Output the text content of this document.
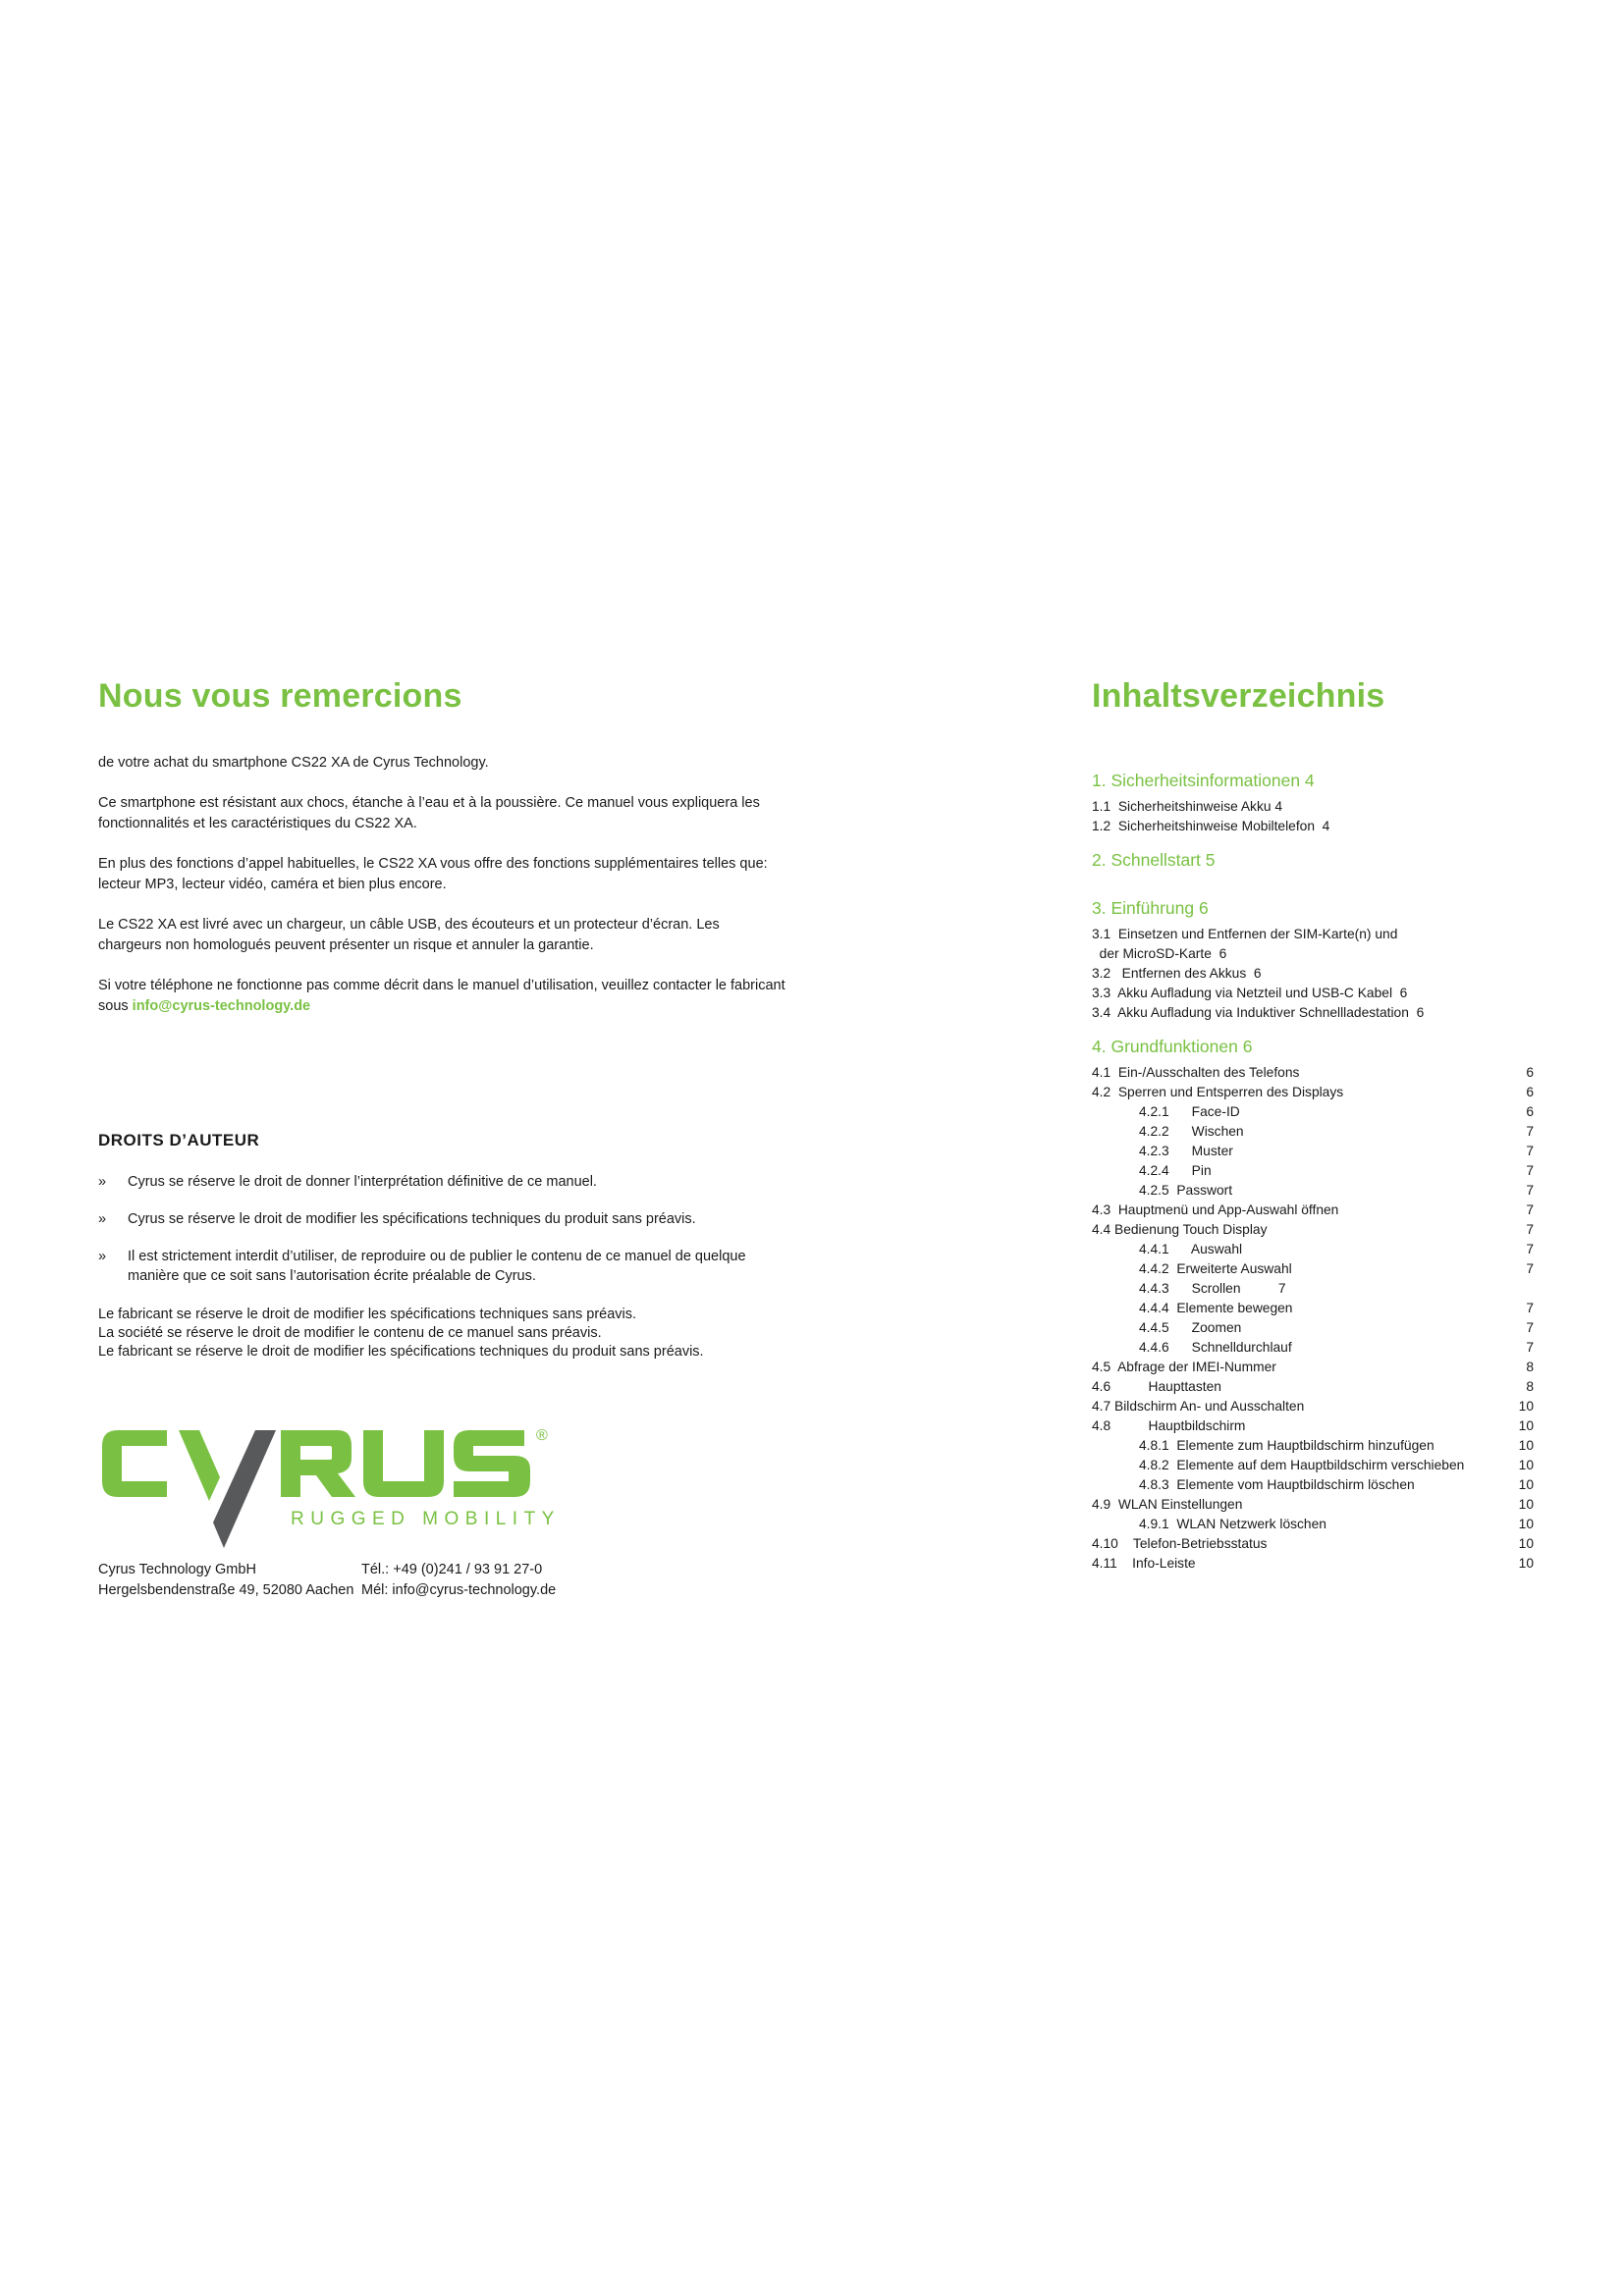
Nous vous remercions

de votre achat du smartphone CS22 XA de Cyrus Technology.

Ce smartphone est résistant aux chocs, étanche à l’eau et à la poussière. Ce manuel vous expliquera les fonctionnalités et les caractéristiques du CS22 XA.

En plus des fonctions d’appel habituelles, le CS22 XA vous offre des fonctions supplémentaires telles que: lecteur MP3, lecteur vidéo, caméra et bien plus encore.

Le CS22 XA est livré avec un chargeur, un câble USB, des écouteurs et un protecteur d’écran. Les chargeurs non homologués peuvent présenter un risque et annuler la garantie.

Si votre téléphone ne fonctionne pas comme décrit dans le manuel d’utilisation, veuillez contacter le fabricant sous info@cyrus-technology.de

DROITS D’AUTEUR
»	Cyrus se réserve le droit de donner l’interprétation définitive de ce manuel.
»	Cyrus se réserve le droit de modifier les spécifications techniques du produit sans préavis.
»	Il est strictement interdit d’utiliser, de reproduire ou de publier le contenu de ce manuel de quelque manière que ce soit sans l’autorisation écrite préalable de Cyrus.
Le fabricant se réserve le droit de modifier les spécifications techniques sans préavis.
La société se réserve le droit de modifier le contenu de ce manuel sans préavis.
Le fabricant se réserve le droit de modifier les spécifications techniques du produit sans préavis.
®
RUGGED MOBILITY
Cyrus Technology GmbH
Hergelsbendenstraße 49, 52080 Aachen
Tél.: +49 (0)241 / 93 91 27-0
Mél: info@cyrus-technology.de
Inhaltsverzeichnis
1. Sicherheitsinformationen 4
1.1  Sicherheitshinweise Akku 4
1.2  Sicherheitshinweise Mobiltelefon  4
2. Schnellstart 5
3. Einführung 6
3.1  Einsetzen und Entfernen der SIM-Karte(n) und
der MicroSD-Karte  6
3.2   Entfernen des Akkus  6
3.3  Akku Aufladung via Netzteil und USB-C Kabel  6
3.4  Akku Aufladung via Induktiver Schnellladestation  6
4. Grundfunktionen 6
4.1  Ein-/Ausschalten des Telefons	6
4.2  Sperren und Entsperren des Displays	6
4.2.1      Face-ID	6
4.2.2      Wischen	7
4.2.3      Muster	7
4.2.4      Pin	7
4.2.5  Passwort	7
4.3  Hauptmenü und App-Auswahl öffnen	7
4.4 Bedienung Touch Display	7
4.4.1      Auswahl	7
4.4.2  Erweiterte Auswahl	7
4.4.3      Scrollen          7
4.4.4  Elemente bewegen	7
4.4.5      Zoomen	7
4.4.6      Schnelldurchlauf	7
4.5  Abfrage der IMEI-Nummer	8
4.6          Haupttasten	8
4.7 Bildschirm An- und Ausschalten	10
4.8          Hauptbildschirm	10
4.8.1  Elemente zum Hauptbildschirm hinzufügen	10
4.8.2  Elemente auf dem Hauptbildschirm verschieben	10
4.8.3  Elemente vom Hauptbildschirm löschen	10
4.9  WLAN Einstellungen	10
4.9.1  WLAN Netzwerk löschen	10
4.10    Telefon-Betriebsstatus	10
4.11    Info-Leiste	10
